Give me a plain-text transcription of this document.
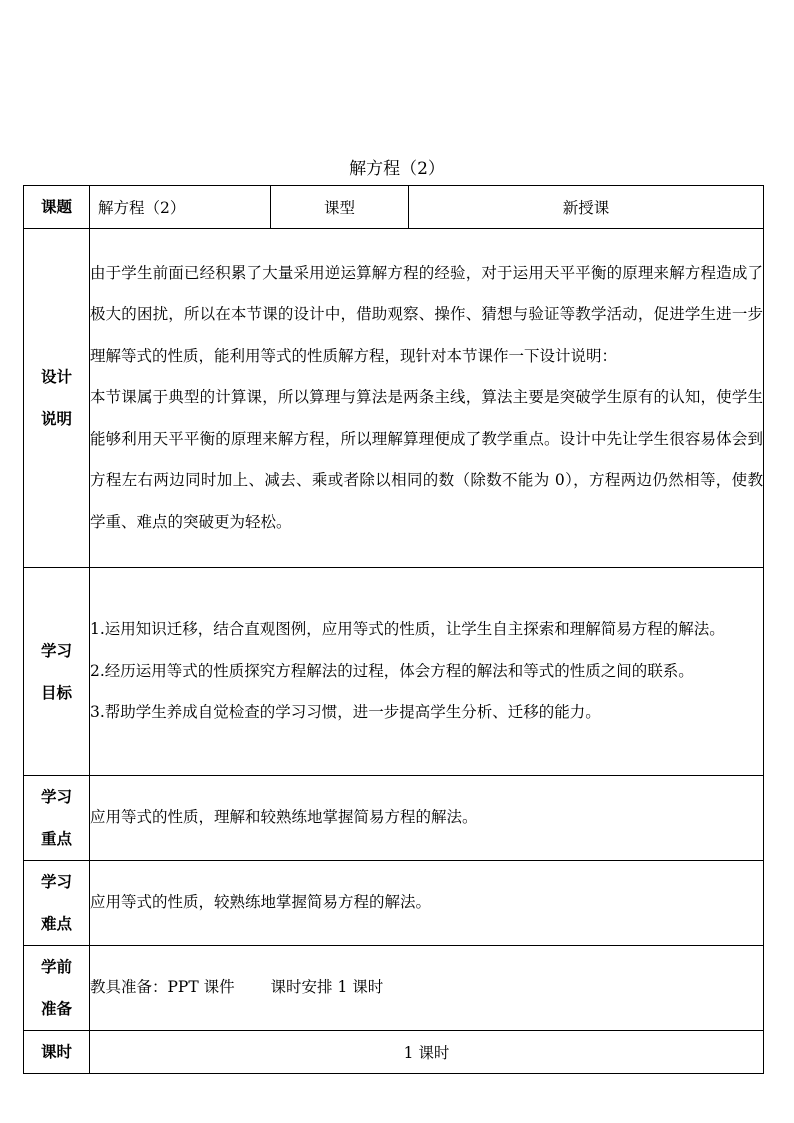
解方程（2）
课题	解方程（2）	课型	新授课

设计
说明	由于学生前面已经积累了大量采用逆运算解方程的经验，对于运用天平平衡的原理来解方程造成了极大的困扰，所以在本节课的设计中，借助观察、操作、猜想与验证等教学活动，促进学生进一步理解等式的性质，能利用等式的性质解方程，现针对本节课作一下设计说明：
本节课属于典型的计算课，所以算理与算法是两条主线，算法主要是突破学生原有的认知，使学生能够利用天平平衡的原理来解方程，所以理解算理便成了教学重点。设计中先让学生很容易体会到方程左右两边同时加上、减去、乘或者除以相同的数（除数不能为 0），方程两边仍然相等，使教学重、难点的突破更为轻松。		

学习
目标	1.运用知识迁移，结合直观图例，应用等式的性质，让学生自主探索和理解简易方程的解法。
2.经历运用等式的性质探究方程解法的过程，体会方程的解法和等式的性质之间的联系。
3.帮助学生养成自觉检查的学习习惯，进一步提高学生分析、迁移的能力。		

学习
重点	应用等式的性质，理解和较熟练地掌握简易方程的解法。		

学习
难点	应用等式的性质，较熟练地掌握简易方程的解法。		

学前
准备	教具准备：PPT 课件　　 课时安排 1 课时		
课时	1 课时		
